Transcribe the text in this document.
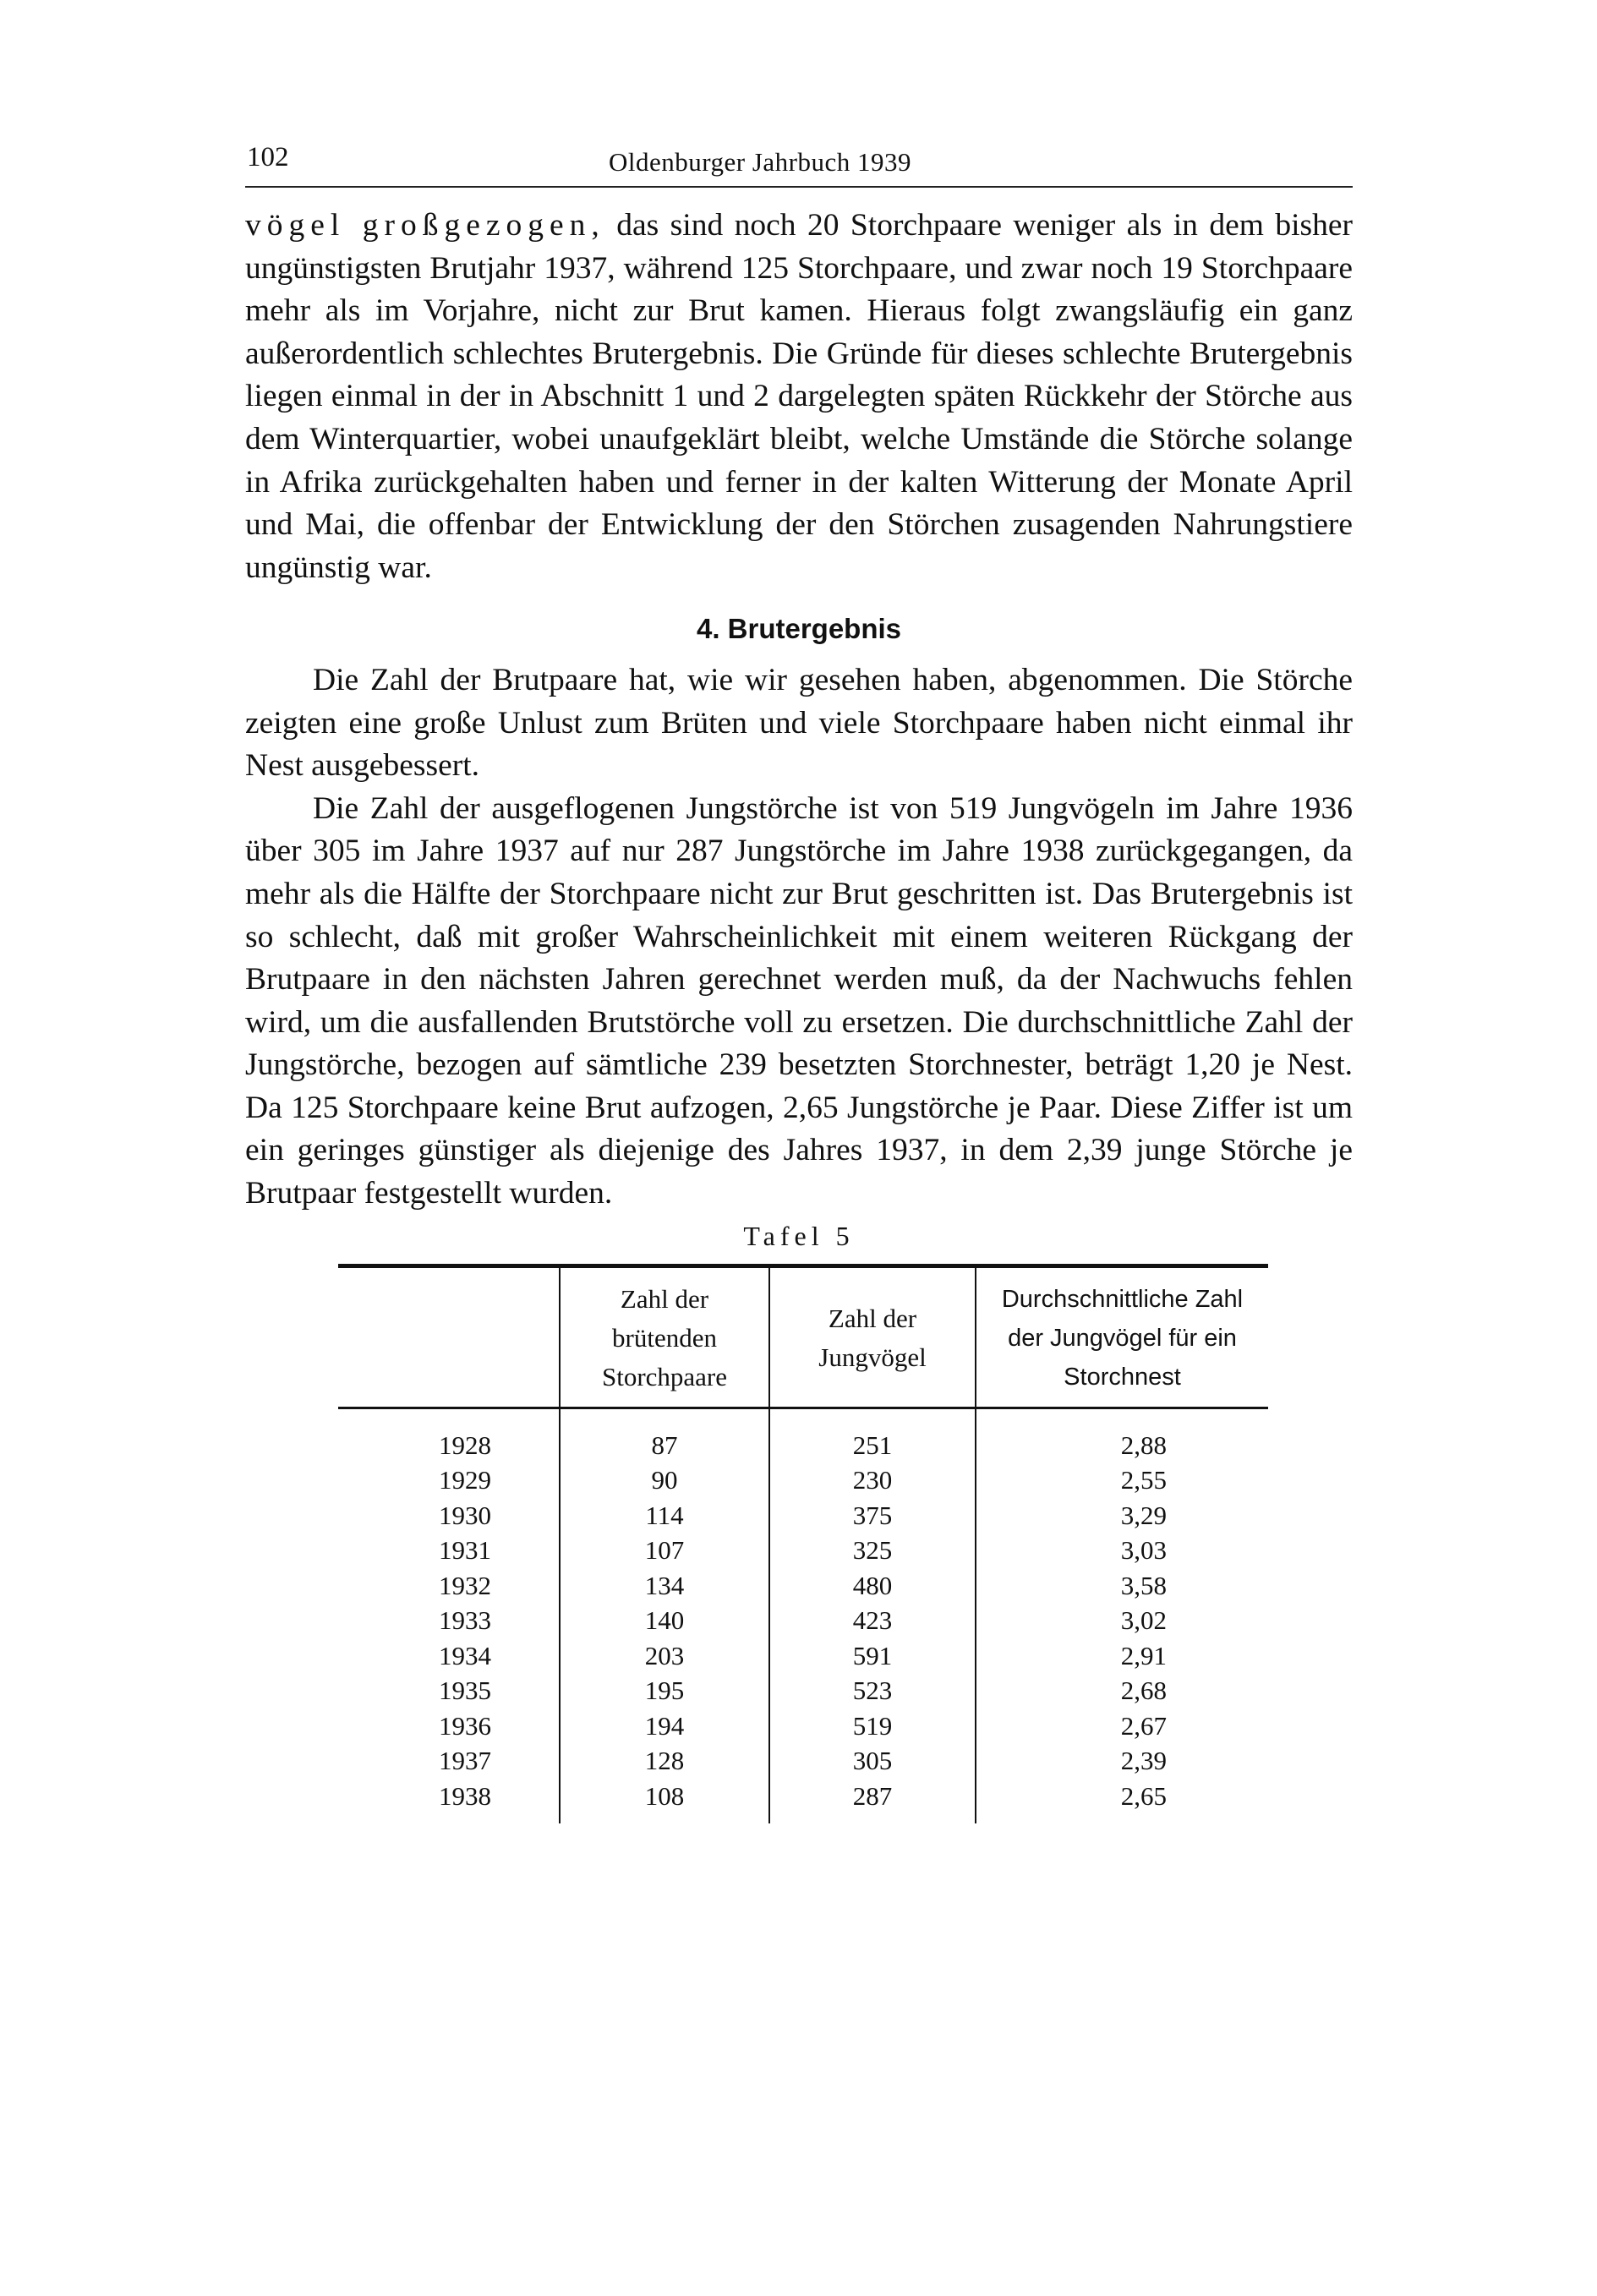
102	Oldenburger Jahrbuch 1939

vögel großgezogen, das sind noch 20 Storchpaare weniger als in dem bisher ungünstigsten Brutjahr 1937, während 125 Storchpaare, und zwar noch 19 Storchpaare mehr als im Vorjahre, nicht zur Brut kamen. Hieraus folgt zwangsläufig ein ganz außerordentlich schlechtes Brutergebnis. Die Gründe für dieses schlechte Brutergebnis liegen einmal in der in Abschnitt 1 und 2 dargelegten späten Rückkehr der Störche aus dem Winterquartier, wobei unaufgeklärt bleibt, welche Umstände die Störche solange in Afrika zurückgehalten haben und ferner in der kalten Witterung der Monate April und Mai, die offenbar der Entwicklung der den Störchen zusagenden Nahrungstiere ungünstig war.

4. Brutergebnis

Die Zahl der Brutpaare hat, wie wir gesehen haben, abgenommen. Die Störche zeigten eine große Unlust zum Brüten und viele Storchpaare haben nicht einmal ihr Nest ausgebessert.

Die Zahl der ausgeflogenen Jungstörche ist von 519 Jungvögeln im Jahre 1936 über 305 im Jahre 1937 auf nur 287 Jungstörche im Jahre 1938 zurückgegangen, da mehr als die Hälfte der Storchpaare nicht zur Brut geschritten ist. Das Brutergebnis ist so schlecht, daß mit großer Wahrscheinlichkeit mit einem weiteren Rückgang der Brutpaare in den nächsten Jahren gerechnet werden muß, da der Nachwuchs fehlen wird, um die ausfallenden Brutstörche voll zu ersetzen. Die durchschnittliche Zahl der Jungstörche, bezogen auf sämtliche 239 besetzten Storchnester, beträgt 1,20 je Nest. Da 125 Storchpaare keine Brut aufzogen, 2,65 Jungstörche je Paar. Diese Ziffer ist um ein geringes günstiger als diejenige des Jahres 1937, in dem 2,39 junge Störche je Brutpaar festgestellt wurden.

Tafel 5
	Zahl der brütenden Storchpaare	Zahl der Jungvögel	Durchschnittliche Zahl der Jungvögel für ein Storchnest
1928	87	251	2,88
1929	90	230	2,55
1930	114	375	3,29
1931	107	325	3,03
1932	134	480	3,58
1933	140	423	3,02
1934	203	591	2,91
1935	195	523	2,68
1936	194	519	2,67
1937	128	305	2,39
1938	108	287	2,65
